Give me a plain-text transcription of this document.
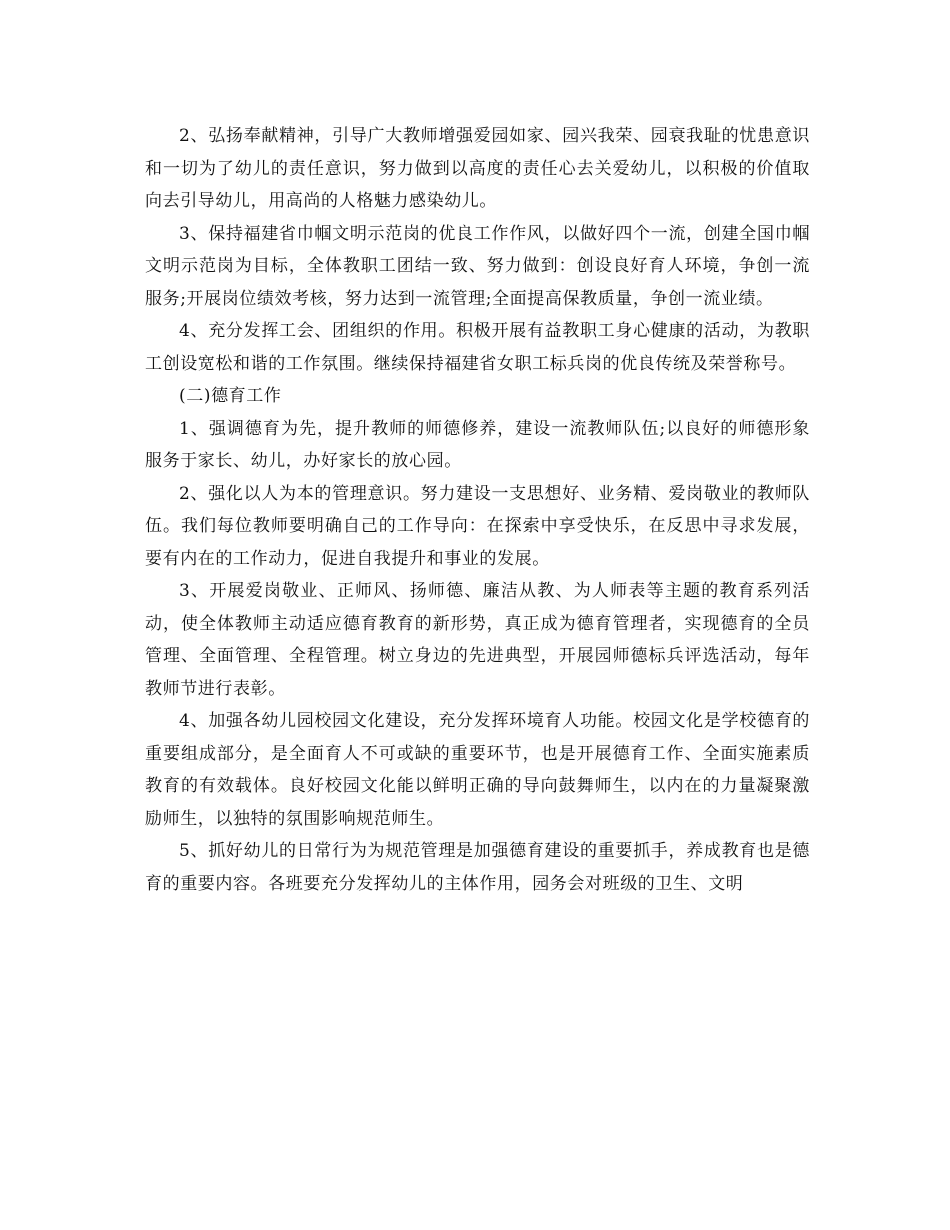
2、弘扬奉献精神，引导广大教师增强爱园如家、园兴我荣、园衰我耻的忧患意识和一切为了幼儿的责任意识，努力做到以高度的责任心去关爱幼儿，以积极的价值取向去引导幼儿，用高尚的人格魅力感染幼儿。

3、保持福建省巾帼文明示范岗的优良工作作风，以做好四个一流，创建全国巾帼文明示范岗为目标，全体教职工团结一致、努力做到：创设良好育人环境，争创一流服务;开展岗位绩效考核，努力达到一流管理;全面提高保教质量，争创一流业绩。

4、充分发挥工会、团组织的作用。积极开展有益教职工身心健康的活动，为教职工创设宽松和谐的工作氛围。继续保持福建省女职工标兵岗的优良传统及荣誉称号。

(二)德育工作

1、强调德育为先，提升教师的师德修养，建设一流教师队伍;以良好的师德形象服务于家长、幼儿，办好家长的放心园。

2、强化以人为本的管理意识。努力建设一支思想好、业务精、爱岗敬业的教师队伍。我们每位教师要明确自己的工作导向：在探索中享受快乐，在反思中寻求发展，要有内在的工作动力，促进自我提升和事业的发展。

3、开展爱岗敬业、正师风、扬师德、廉洁从教、为人师表等主题的教育系列活动，使全体教师主动适应德育教育的新形势，真正成为德育管理者，实现德育的全员管理、全面管理、全程管理。树立身边的先进典型，开展园师德标兵评选活动，每年教师节进行表彰。

4、加强各幼儿园校园文化建设，充分发挥环境育人功能。校园文化是学校德育的重要组成部分，是全面育人不可或缺的重要环节，也是开展德育工作、全面实施素质教育的有效载体。良好校园文化能以鲜明正确的导向鼓舞师生，以内在的力量凝聚激励师生，以独特的氛围影响规范师生。

5、抓好幼儿的日常行为为规范管理是加强德育建设的重要抓手，养成教育也是德育的重要内容。各班要充分发挥幼儿的主体作用，园务会对班级的卫生、文明
